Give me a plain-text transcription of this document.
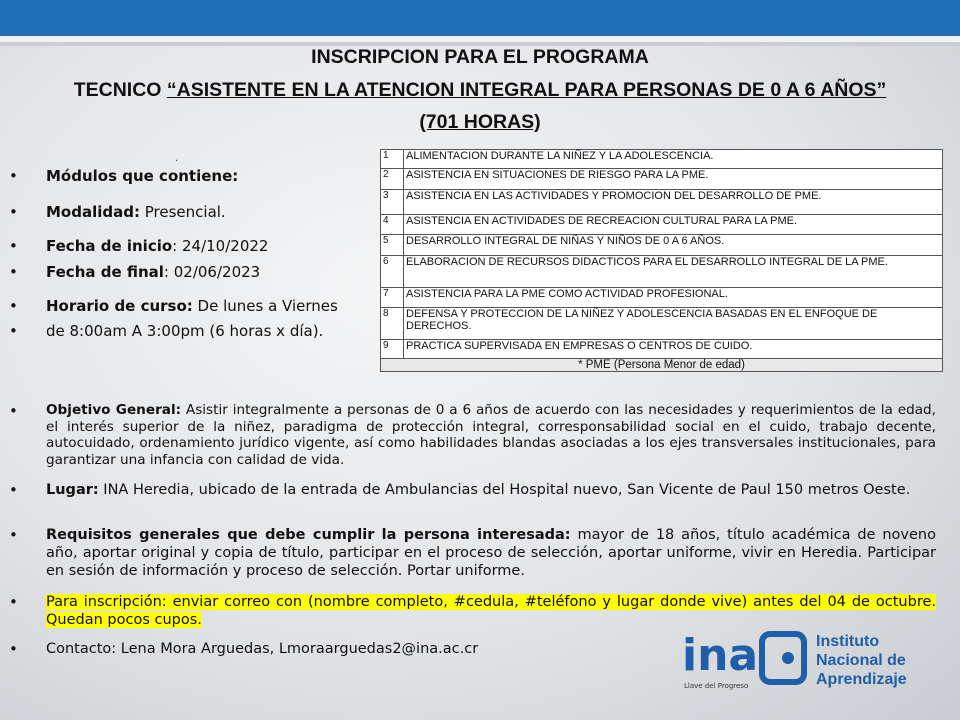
INSCRIPCION PARA EL PROGRAMA
TECNICO “ASISTENTE EN LA ATENCION INTEGRAL PARA PERSONAS DE 0 A 6 AÑOS”
(701 HORAS)
.
• Módulos que contiene:
• Modalidad: Presencial.
• Fecha de inicio: 24/10/2022
• Fecha de final: 02/06/2023
• Horario de curso: De lunes a Viernes
• de 8:00am A 3:00pm (6 horas x día).
1	ALIMENTACION DURANTE LA NIÑEZ Y LA ADOLESCENCIA.
2	ASISTENCIA EN SITUACIONES DE RIESGO PARA LA PME.
3	ASISTENCIA EN LAS ACTIVIDADES Y PROMOCION DEL DESARROLLO DE PME.
4	ASISTENCIA EN ACTIVIDADES DE RECREACION CULTURAL PARA LA PME.
5	DESARROLLO INTEGRAL DE NIÑAS Y NIÑOS DE 0 A 6 AÑOS.
6	ELABORACION DE RECURSOS DIDACTICOS PARA EL DESARROLLO INTEGRAL DE LA PME.
7	ASISTENCIA PARA LA PME COMO ACTIVIDAD PROFESIONAL.
8	DEFENSA Y PROTECCION DE LA NIÑEZ Y ADOLESCENCIA BASADAS EN EL ENFOQUE DE DERECHOS.
9	PRACTICA SUPERVISADA EN EMPRESAS O CENTROS DE CUIDO.
* PME (Persona Menor de edad)	
• Objetivo General: Asistir integralmente a personas de 0 a 6 años de acuerdo con las necesidades y requerimientos de la edad, el interés superior de la niñez, paradigma de protección integral, corresponsabilidad social en el cuido, trabajo decente, autocuidado, ordenamiento jurídico vigente, así como habilidades blandas asociadas a los ejes transversales institucionales, para garantizar una infancia con calidad de vida.
• Lugar: INA Heredia, ubicado de la entrada de Ambulancias del Hospital nuevo, San Vicente de Paul 150 metros Oeste.
• Requisitos generales que debe cumplir la persona interesada: mayor de 18 años, título académica de noveno año, aportar original y copia de título, participar en el proceso de selección, aportar uniforme, vivir en Heredia. Participar en sesión de información y proceso de selección. Portar uniforme.
• Para inscripción: enviar correo con (nombre completo, #cedula, #teléfono y lugar donde vive) antes del 04 de octubre. Quedan pocos cupos.
• Contacto: Lena Mora Arguedas, Lmoraarguedas2@ina.ac.cr	ina
Llave del Progreso
Instituto
Nacional de
Aprendizaje
